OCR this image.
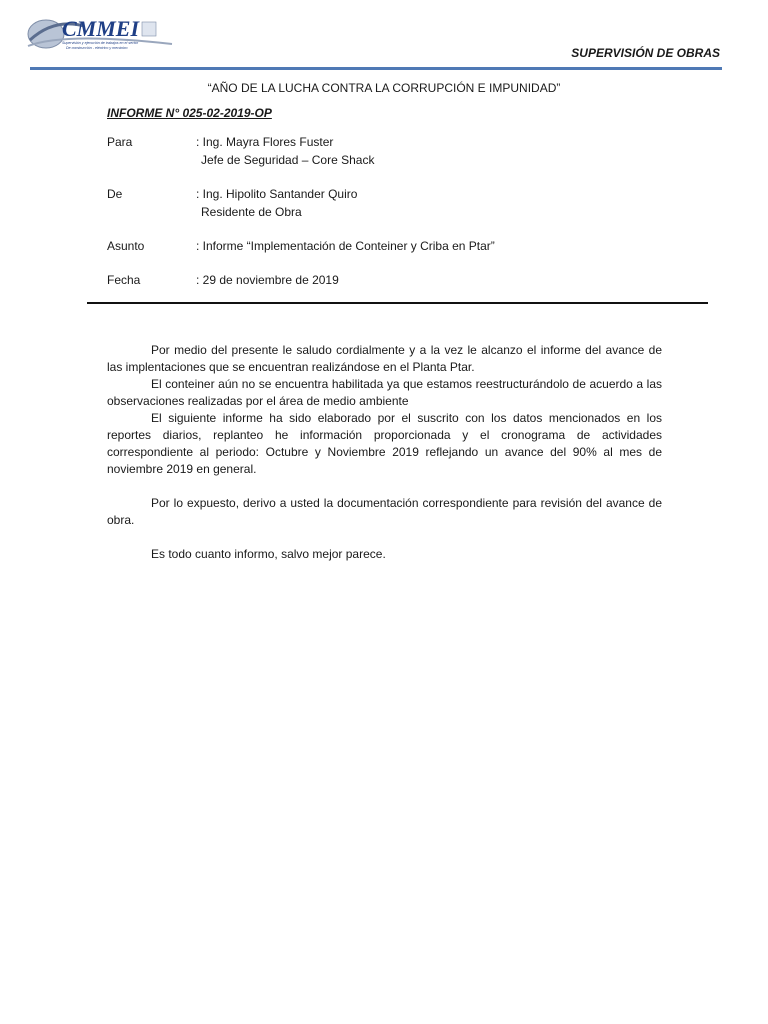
CMMEI
Supervisión y ejecución de trabajos en el sector
De construcción - eléctrico y mecánico	SUPERVISIÓN DE OBRAS
“AÑO DE LA LUCHA CONTRA LA CORRUPCIÓN E IMPUNIDAD”
INFORME N° 025-02-2019-OP
Para	: Ing. Mayra Flores Fuster
Jefe de Seguridad – Core Shack
De	: Ing. Hipolito Santander Quiro
Residente de Obra
Asunto	: Informe “Implementación de Conteiner y Criba en Ptar”
Fecha	: 29 de noviembre de 2019

Por medio del presente le saludo cordialmente y a la vez le alcanzo el informe del avance de las implentaciones que se encuentran realizándose en el Planta Ptar.

El conteiner aún no se encuentra habilitada ya que estamos reestructurándolo de acuerdo a las observaciones realizadas por el área de medio ambiente

El siguiente informe ha sido elaborado por el suscrito con los datos mencionados en los reportes diarios, replanteo he información proporcionada y el cronograma de actividades correspondiente al periodo: Octubre y Noviembre 2019 reflejando un avance del 90% al mes de noviembre 2019 en general.

Por lo expuesto, derivo a usted la documentación correspondiente para revisión del avance de obra.

Es todo cuanto informo, salvo mejor parece.
